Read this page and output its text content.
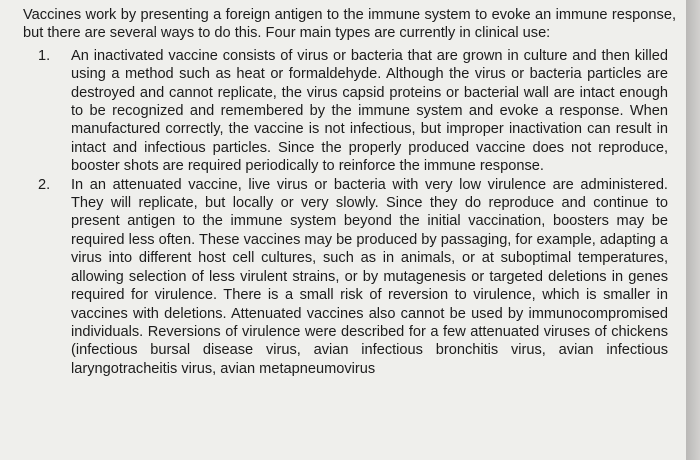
Vaccines work by presenting a foreign antigen to the immune system to evoke an immune response, but there are several ways to do this. Four main types are currently in clinical use:

1.	An inactivated vaccine consists of virus or bacteria that are grown in culture and then killed using a method such as heat or formaldehyde. Although the virus or bacteria particles are destroyed and cannot replicate, the virus capsid proteins or bacterial wall are intact enough to be recognized and remembered by the immune system and evoke a response. When manufactured correctly, the vaccine is not infectious, but improper inactivation can result in intact and infectious particles. Since the properly produced vaccine does not reproduce, booster shots are required periodically to reinforce the immune response.
2.	In an attenuated vaccine, live virus or bacteria with very low virulence are administered. They will replicate, but locally or very slowly. Since they do reproduce and continue to present antigen to the immune system beyond the initial vaccination, boosters may be required less often. These vaccines may be produced by passaging, for example, adapting a virus into different host cell cultures, such as in animals, or at suboptimal temperatures, allowing selection of less virulent strains, or by mutagenesis or targeted deletions in genes required for virulence. There is a small risk of reversion to virulence, which is smaller in vaccines with deletions. Attenuated vaccines also cannot be used by immunocompromised individuals. Reversions of virulence were described for a few attenuated viruses of chickens (infectious bursal disease virus, avian infectious bronchitis virus, avian infectious laryngotracheitis virus, avian metapneumovirus
